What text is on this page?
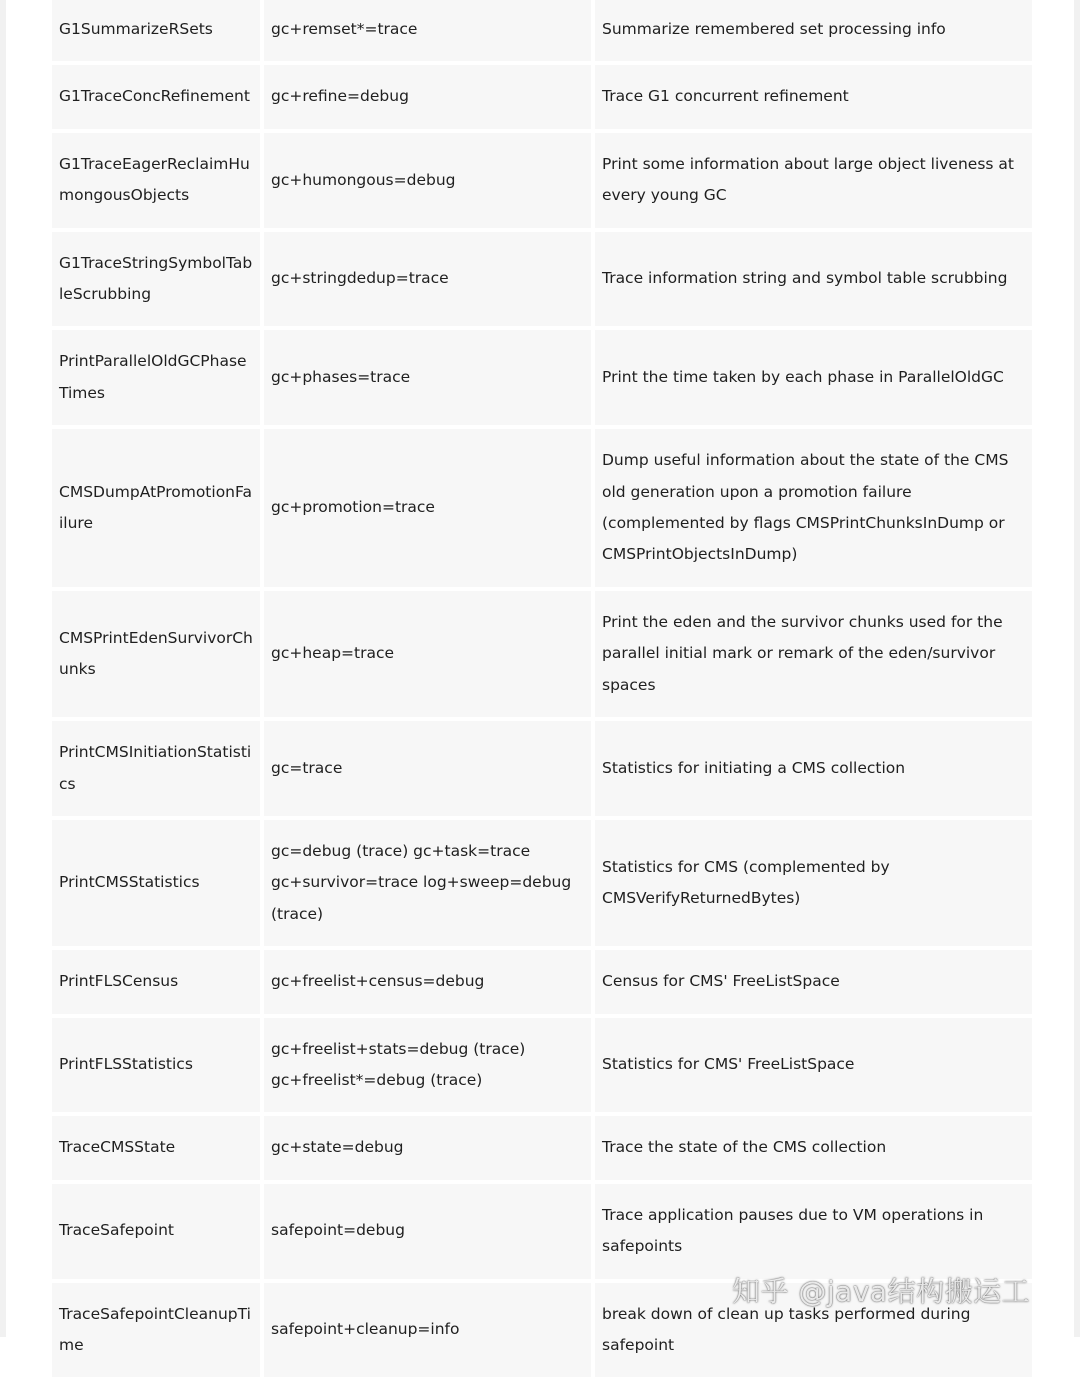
G1SummarizeRSets	gc+remset*=trace	Summarize remembered set processing info
G1TraceConcRefinement	gc+refine=debug	Trace G1 concurrent refinement
G1TraceEagerReclaimHumongousObjects	gc+humongous=debug	Print some information about large object liveness at every young GC
G1TraceStringSymbolTableScrubbing	gc+stringdedup=trace	Trace information string and symbol table scrubbing
PrintParallelOldGCPhaseTimes	gc+phases=trace	Print the time taken by each phase in ParallelOldGC
CMSDumpAtPromotionFailure	gc+promotion=trace	Dump useful information about the state of the CMS old generation upon a promotion failure (complemented by flags CMSPrintChunksInDump or CMSPrintObjectsInDump)
CMSPrintEdenSurvivorChunks	gc+heap=trace	Print the eden and the survivor chunks used for the parallel initial mark or remark of the eden/survivor spaces
PrintCMSInitiationStatistics	gc=trace	Statistics for initiating a CMS collection
PrintCMSStatistics	gc=debug (trace) gc+task=trace gc+survivor=trace log+sweep=debug (trace)	Statistics for CMS (complemented by CMSVerifyReturnedBytes)
PrintFLSCensus	gc+freelist+census=debug	Census for CMS' FreeListSpace
PrintFLSStatistics	gc+freelist+stats=debug (trace) gc+freelist*=debug (trace)	Statistics for CMS' FreeListSpace
TraceCMSState	gc+state=debug	Trace the state of the CMS collection
TraceSafepoint	safepoint=debug	Trace application pauses due to VM operations in safepoints
TraceSafepointCleanupTime	safepoint+cleanup=info	break down of clean up tasks performed during safepoint
知乎 @java结构搬运工
